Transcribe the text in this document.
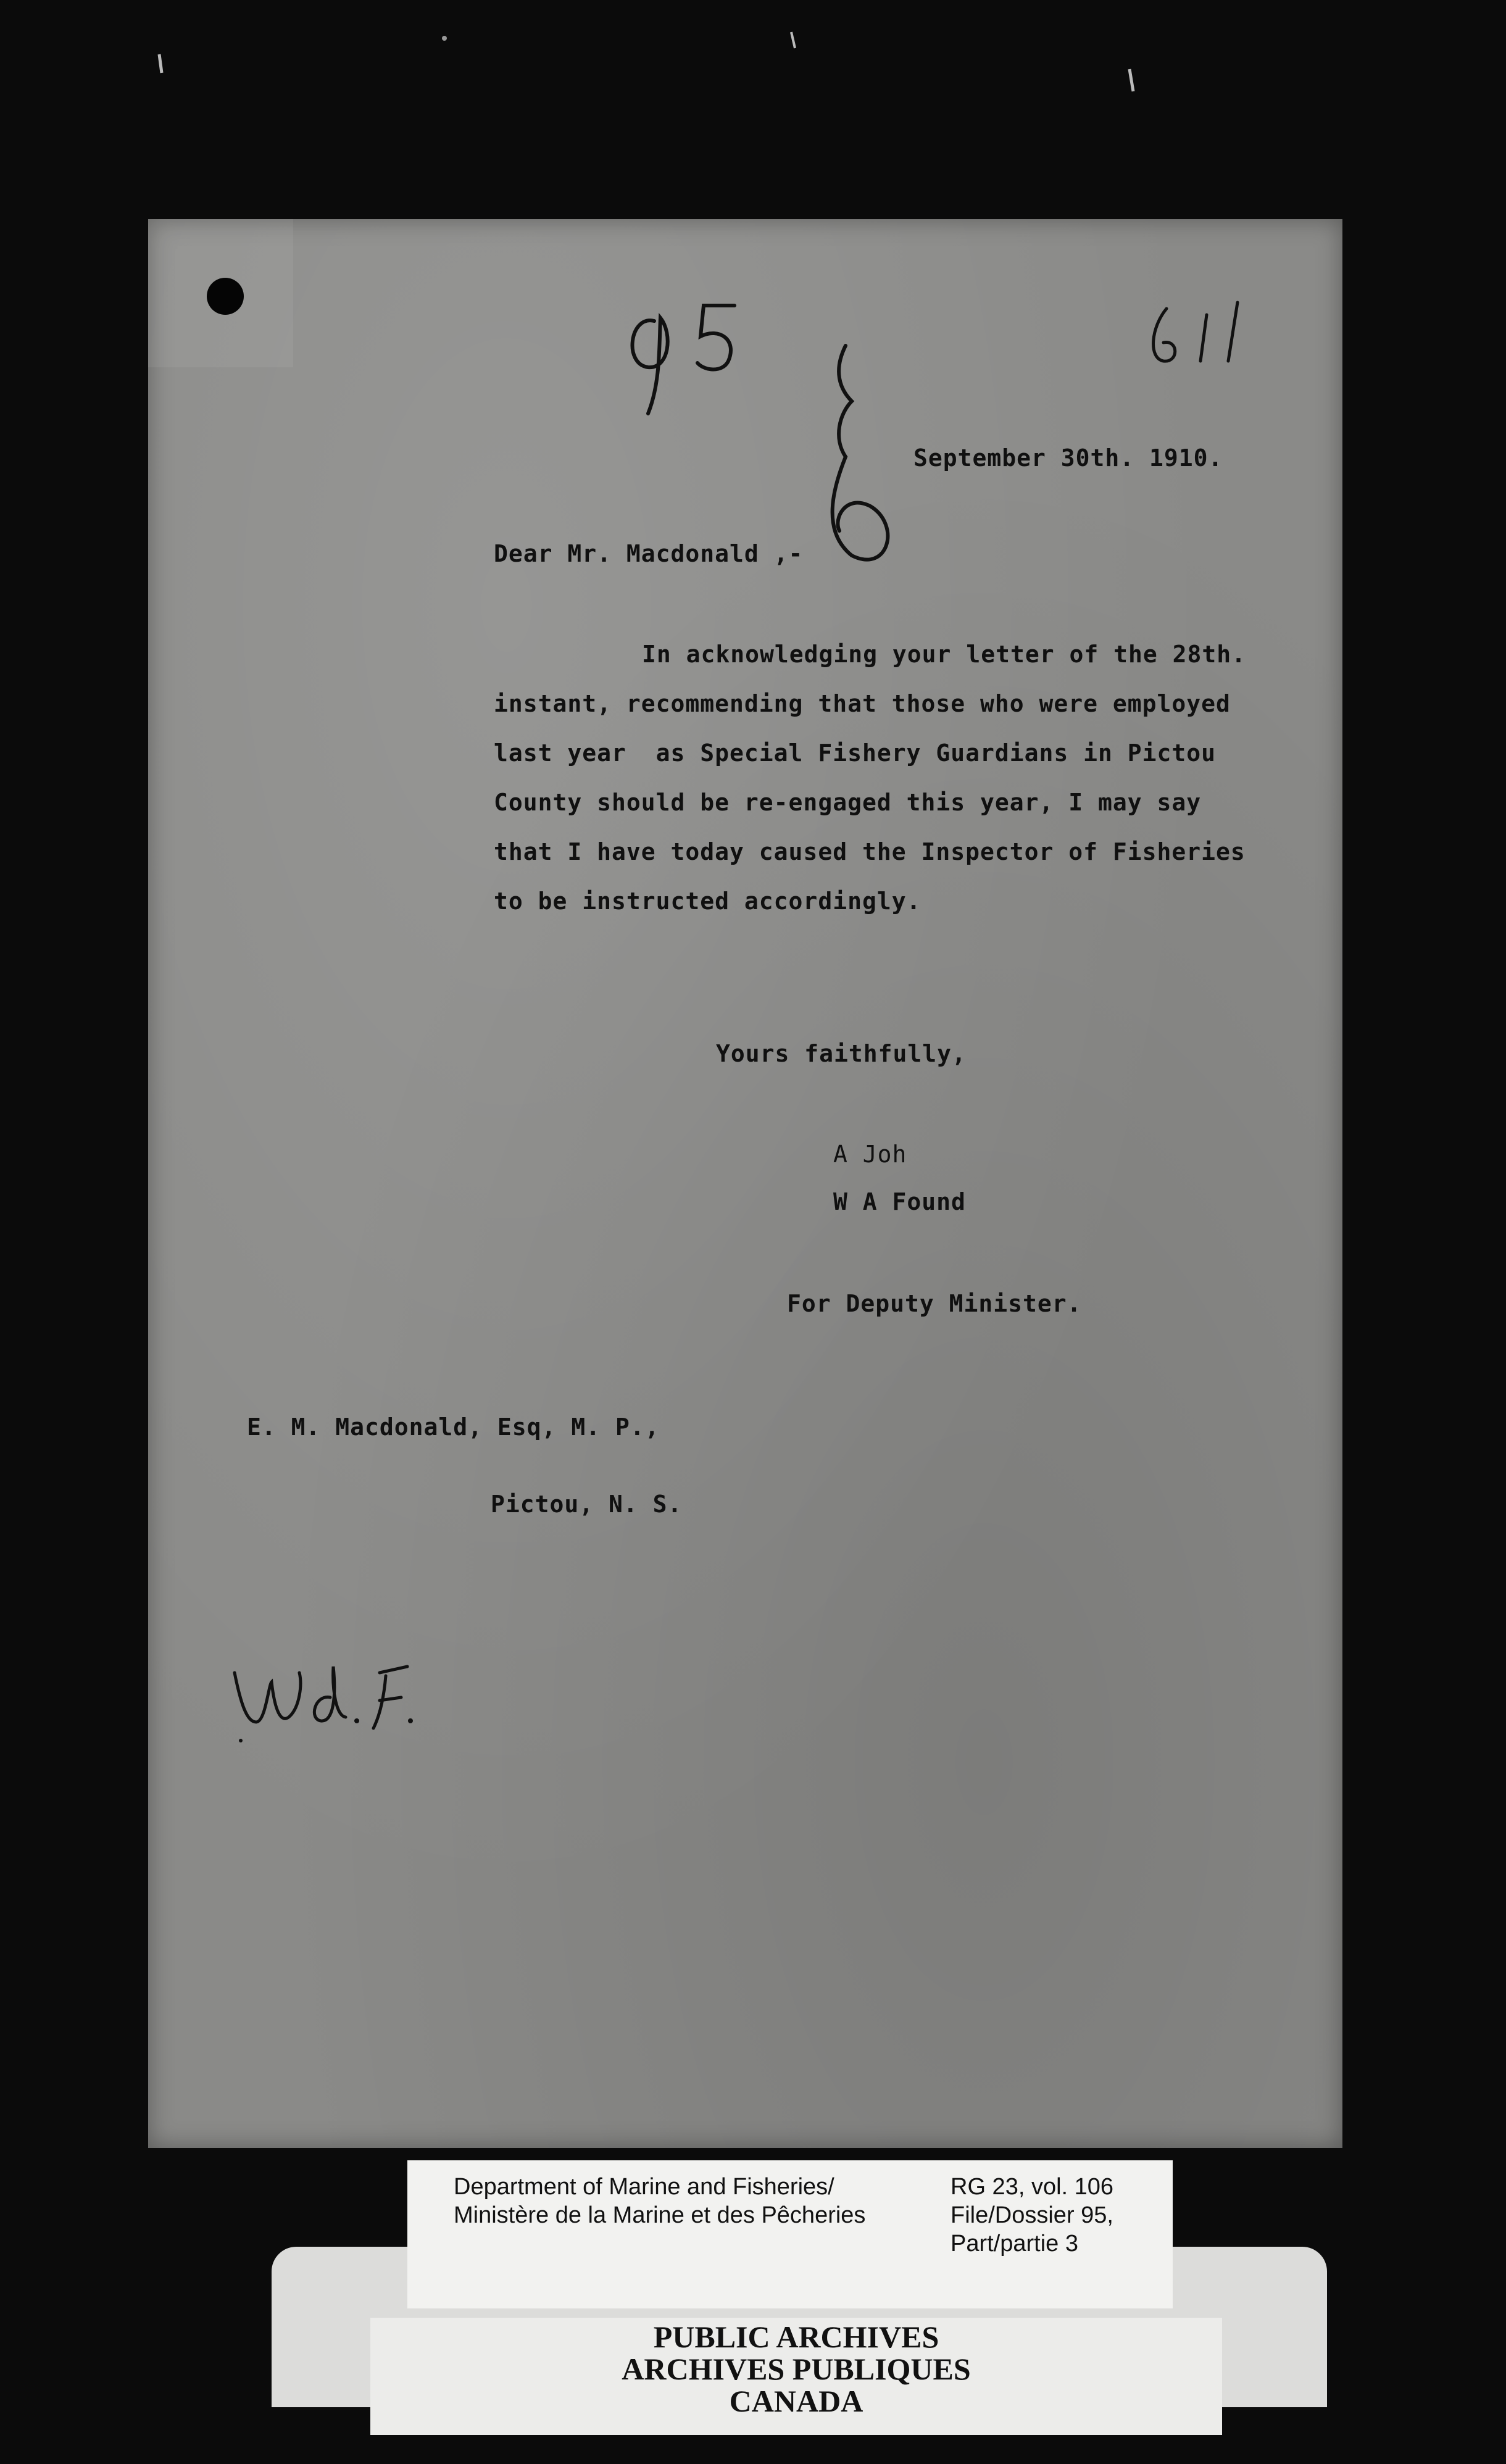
September 30th. 1910.
Dear Mr. Macdonald ,-
In acknowledging your letter of the 28th.
instant, recommending that those who were employed
last year  as Special Fishery Guardians in Pictou
County should be re-engaged this year, I may say
that I have today caused the Inspector of Fisheries
to be instructed accordingly.
Yours faithfully,
A Joh
W A Found
For Deputy Minister.
E. M. Macdonald, Esq, M. P.,
Pictou, N. S.
Department of Marine and Fisheries/
Ministère de la Marine et des Pêcheries
RG 23, vol. 106
File/Dossier 95,
Part/partie 3
PUBLIC ARCHIVES
ARCHIVES PUBLIQUES
CANADA
